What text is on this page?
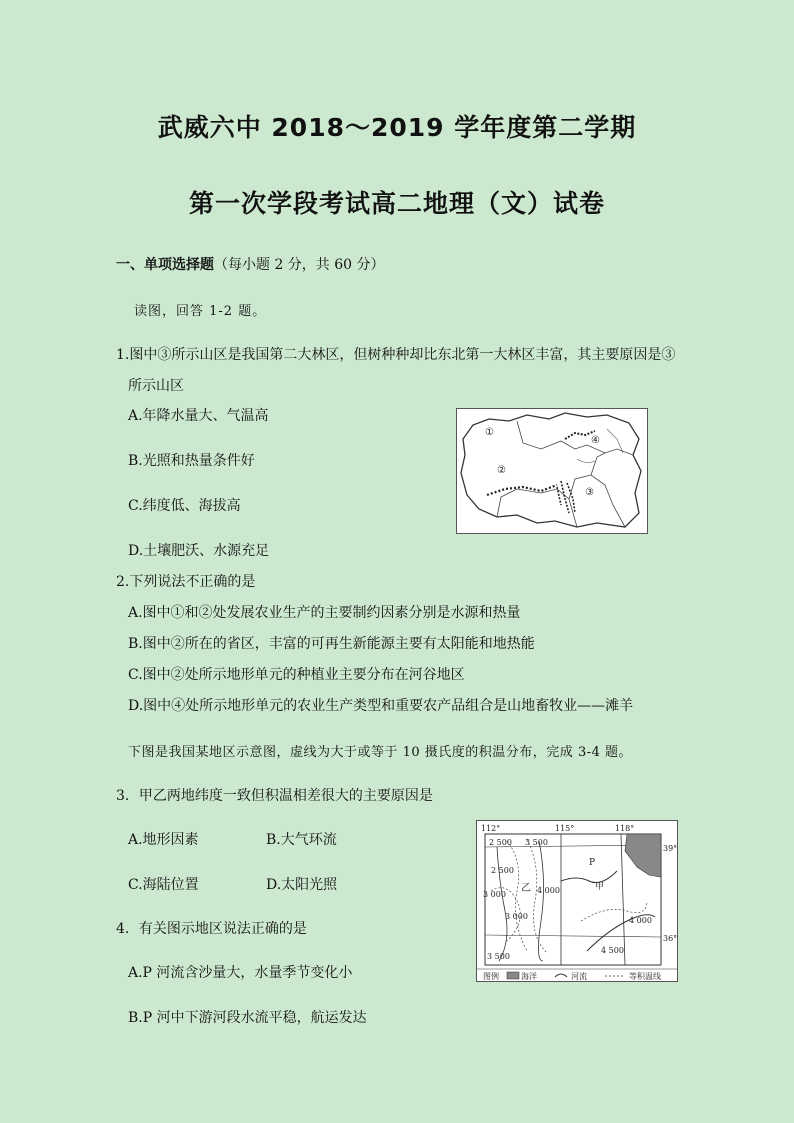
武威六中 2018～2019 学年度第二学期
第一次学段考试高二地理（文）试卷
一、单项选择题（每小题 2 分，共 60 分）
读图，回答 1-2 题。
1.图中③所示山区是我国第二大林区，但树种种却比东北第一大林区丰富，其主要原因是③
所示山区
A.年降水量大、气温高
B.光照和热量条件好
C.纬度低、海拔高
D.土壤肥沃、水源充足
①
②
③
④
2.下列说法不正确的是
A.图中①和②处发展农业生产的主要制约因素分别是水源和热量
B.图中②所在的省区，丰富的可再生新能源主要有太阳能和地热能
C.图中②处所示地形单元的种植业主要分布在河谷地区
D.图中④处所示地形单元的农业生产类型和重要农产品组合是山地畜牧业——滩羊
下图是我国某地区示意图，虚线为大于或等于 10 摄氏度的积温分布，完成 3-4 题。
3．甲乙两地纬度一致但积温相差很大的主要原因是
A.地形因素	B.大气环流
C.海陆位置	D.太阳光照
4．有关图示地区说法正确的是
A.P 河流含沙量大，水量季节变化小
B.P 河中下游河段水流平稳，航运发达
112°	115°	118°
39°
36°
2 500 3 500
2 500
3 000	4 000
3 000
3 500
4 000
4 500
P
乙	甲
图例	海洋	河流	等积温线
